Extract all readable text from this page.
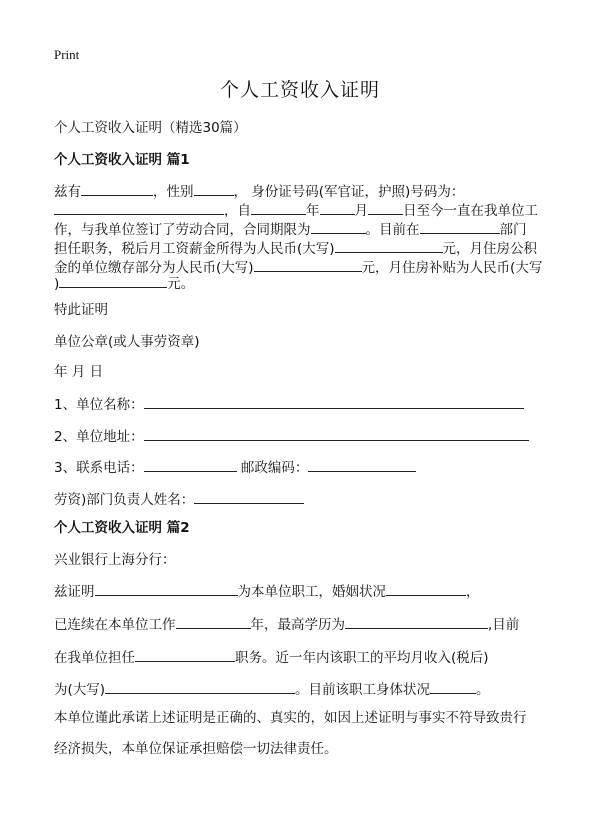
Print
个人工资收入证明
个人工资收入证明（精选30篇）
个人工资收入证明 篇1
兹有	，性别	， 身份证号码(军官证，护照)号码为：
，自	年	月	日至今一直在我单位工
作，与我单位签订了劳动合同，合同期限为	。目前在	部门
担任职务，税后月工资薪金所得为人民币(大写)	元，月住房公积
金的单位缴存部分为人民币(大写)	元，月住房补贴为人民币(大写
)	元。
特此证明
单位公章(或人事劳资章)
年 月 日
1、单位名称：
2、单位地址：
3、联系电话：	邮政编码：
劳资)部门负责人姓名：
个人工资收入证明 篇2
兴业银行上海分行：
兹证明	为本单位职工，婚姻状况	，
已连续在本单位工作	年，最高学历为	,目前
在我单位担任	职务。近一年内该职工的平均月收入(税后)
为(大写)	。目前该职工身体状况	。
本单位谨此承诺上述证明是正确的、真实的，如因上述证明与事实不符导致贵行
经济损失，本单位保证承担赔偿一切法律责任。
